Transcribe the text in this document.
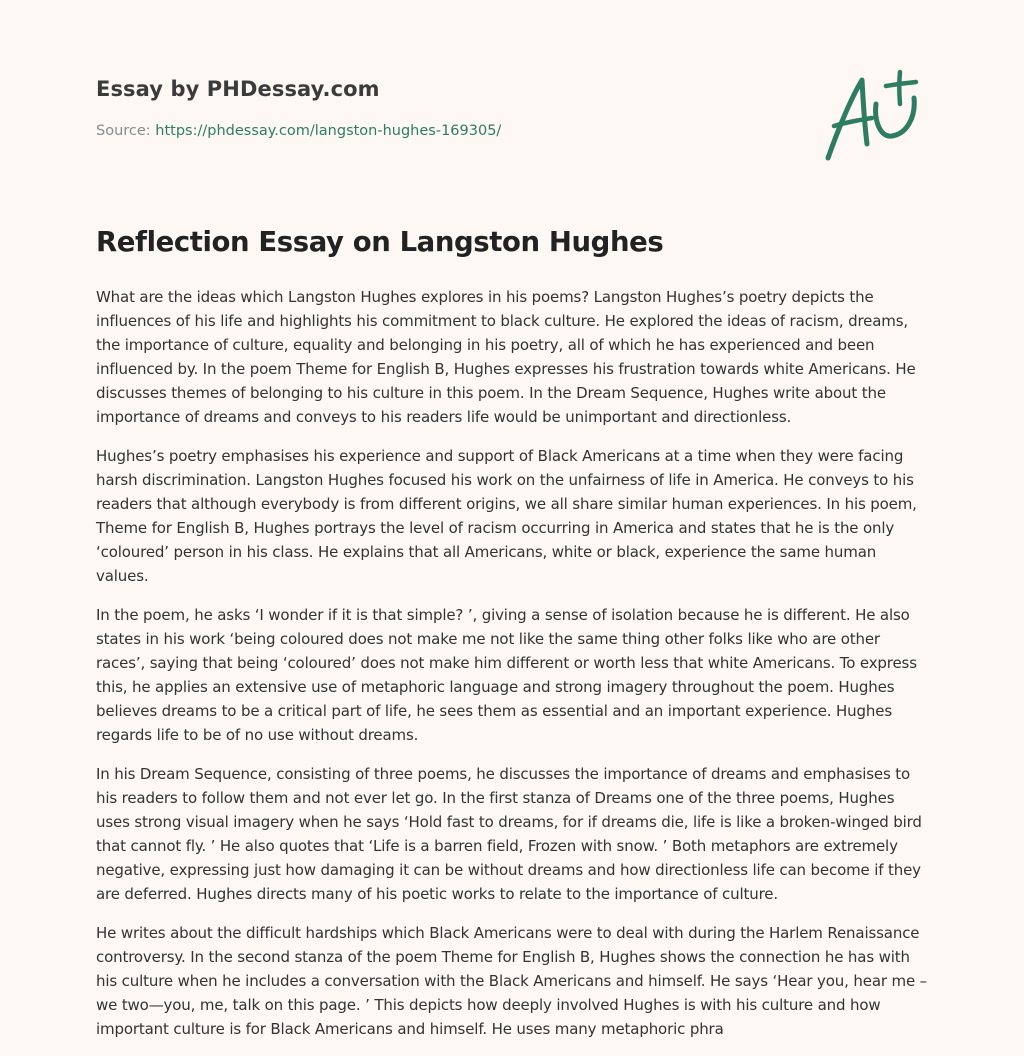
Essay by PHDessay.com

Source: https://phdessay.com/langston-hughes-169305/

Reflection Essay on Langston Hughes

What are the ideas which Langston Hughes explores in his poems? Langston Hughes’s poetry depicts the influences of his life and highlights his commitment to black culture. He explored the ideas of racism, dreams, the importance of culture, equality and belonging in his poetry, all of which he has experienced and been influenced by. In the poem Theme for English B, Hughes expresses his frustration towards white Americans. He discusses themes of belonging to his culture in this poem. In the Dream Sequence, Hughes write about the importance of dreams and conveys to his readers life would be unimportant and directionless.

Hughes’s poetry emphasises his experience and support of Black Americans at a time when they were facing harsh discrimination. Langston Hughes focused his work on the unfairness of life in America. He conveys to his readers that although everybody is from different origins, we all share similar human experiences. In his poem, Theme for English B, Hughes portrays the level of racism occurring in America and states that he is the only ‘coloured’ person in his class. He explains that all Americans, white or black, experience the same human values.

In the poem, he asks ‘I wonder if it is that simple? ’, giving a sense of isolation because he is different. He also states in his work ‘being coloured does not make me not like the same thing other folks like who are other races’, saying that being ‘coloured’ does not make him different or worth less that white Americans. To express this, he applies an extensive use of metaphoric language and strong imagery throughout the poem. Hughes believes dreams to be a critical part of life, he sees them as essential and an important experience. Hughes regards life to be of no use without dreams.

In his Dream Sequence, consisting of three poems, he discusses the importance of dreams and emphasises to his readers to follow them and not ever let go. In the first stanza of Dreams one of the three poems, Hughes uses strong visual imagery when he says ‘Hold fast to dreams, for if dreams die, life is like a broken-winged bird that cannot fly. ’ He also quotes that ‘Life is a barren field, Frozen with snow. ’ Both metaphors are extremely negative, expressing just how damaging it can be without dreams and how directionless life can become if they are deferred. Hughes directs many of his poetic works to relate to the importance of culture.

He writes about the difficult hardships which Black Americans were to deal with during the Harlem Renaissance controversy. In the second stanza of the poem Theme for English B, Hughes shows the connection he has with his culture when he includes a conversation with the Black Americans and himself. He says ‘Hear you, hear me – we two—you, me, talk on this page. ’ This depicts how deeply involved Hughes is with his culture and how important culture is for Black Americans and himself. He uses many metaphoric phra
